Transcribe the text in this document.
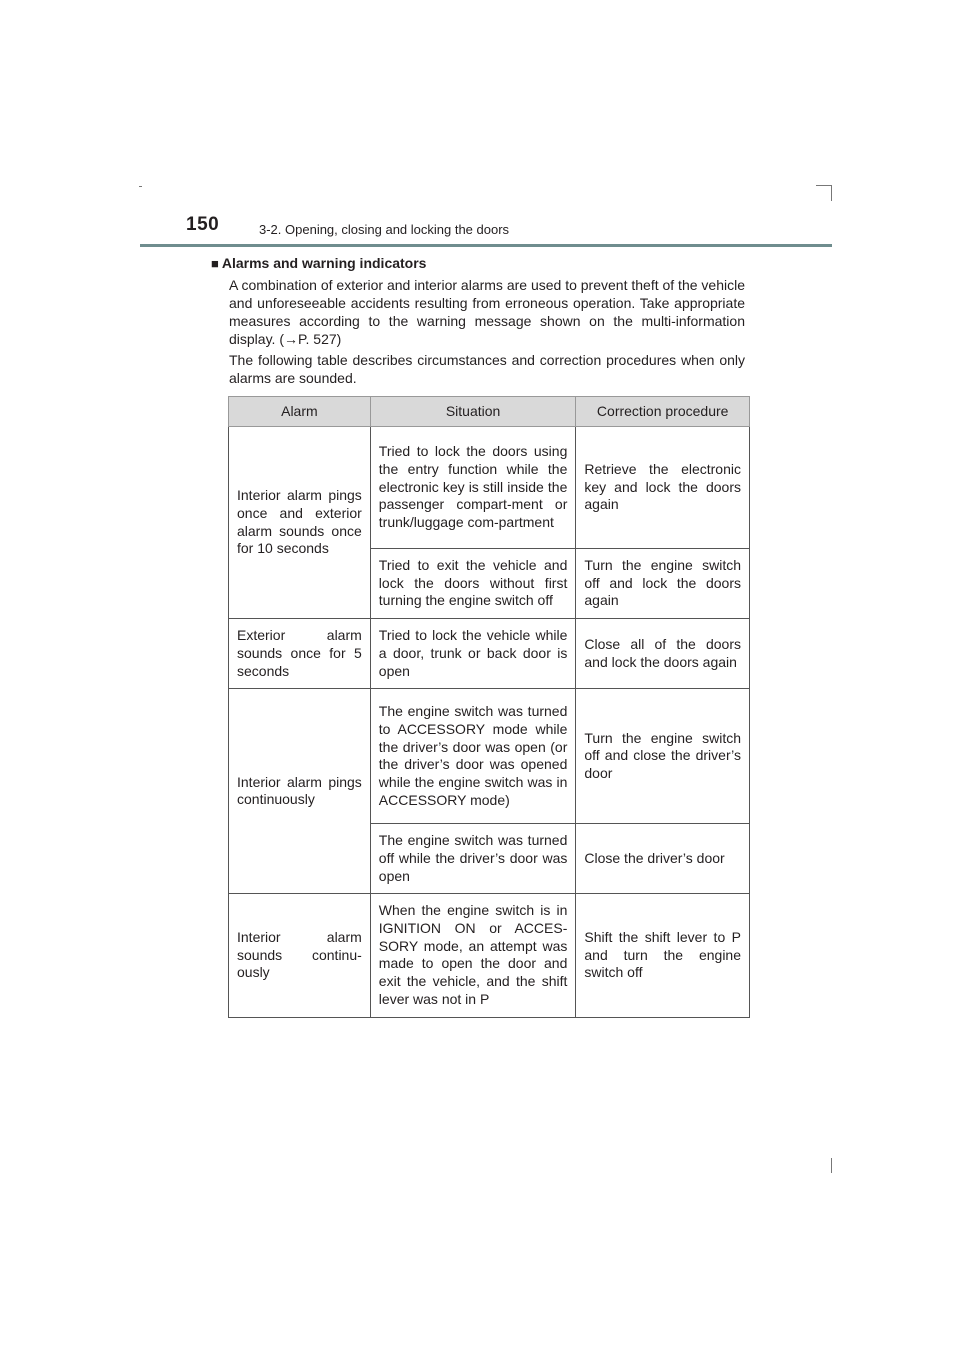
150	3-2. Opening, closing and locking the doors
■ Alarms and warning indicators

A combination of exterior and interior alarms are used to prevent theft of the vehicle and unforeseeable accidents resulting from erroneous operation. Take appropriate measures according to the warning message shown on the multi-information display. (→P. 527)

The following table describes circumstances and correction procedures when only alarms are sounded.

Alarm	Situation	Correction procedure
Interior alarm pings once and exterior alarm sounds once for 10 seconds	Tried to lock the doors using the entry function while the electronic key is still inside the passenger compart-ment or trunk/luggage com-partment	Retrieve the electronic key and lock the doors again
	Tried to exit the vehicle and lock the doors without first turning the engine switch off	Turn the engine switch off and lock the doors again
Exterior alarm sounds once for 5 seconds	Tried to lock the vehicle while a door, trunk or back door is open	Close all of the doors and lock the doors again
Interior alarm pings continuously	The engine switch was turned to ACCESSORY mode while the driver’s door was open (or the driver’s door was opened while the engine switch was in ACCESSORY mode)	Turn the engine switch off and close the driver’s door
	The engine switch was turned off while the driver’s door was open	Close the driver’s door
Interior alarm sounds continu-ously	When the engine switch is in IGNITION ON or ACCES-SORY mode, an attempt was made to open the door and exit the vehicle, and the shift lever was not in P	Shift the shift lever to P and turn the engine switch off
